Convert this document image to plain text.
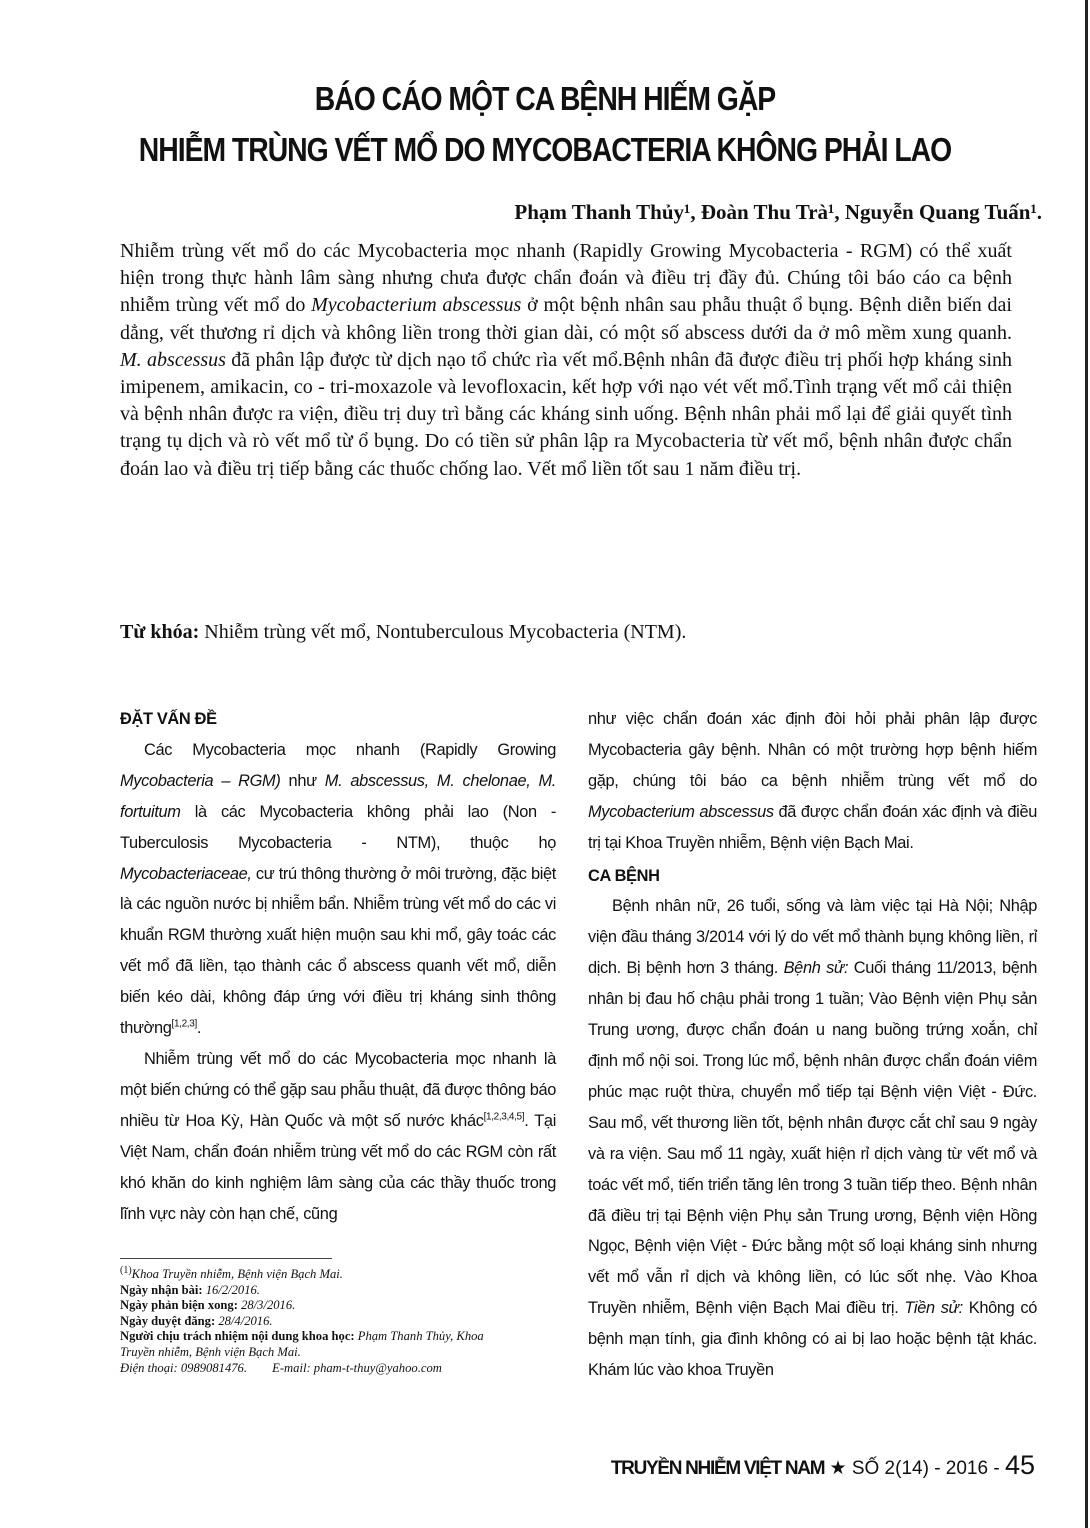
BÁO CÁO MỘT CA BỆNH HIẾM GẶP
NHIỄM TRÙNG VẾT MỔ DO MYCOBACTERIA KHÔNG PHẢI LAO
Phạm Thanh Thủy¹, Đoàn Thu Trà¹, Nguyễn Quang Tuấn¹.
Nhiễm trùng vết mổ do các Mycobacteria mọc nhanh (Rapidly Growing Mycobacteria - RGM) có thể xuất hiện trong thực hành lâm sàng nhưng chưa được chẩn đoán và điều trị đầy đủ. Chúng tôi báo cáo ca bệnh nhiễm trùng vết mổ do Mycobacterium abscessus ở một bệnh nhân sau phẫu thuật ổ bụng. Bệnh diễn biến dai dẳng, vết thương rỉ dịch và không liền trong thời gian dài, có một số abscess dưới da ở mô mềm xung quanh. M. abscessus đã phân lập được từ dịch nạo tổ chức rìa vết mổ.Bệnh nhân đã được điều trị phối hợp kháng sinh imipenem, amikacin, co - tri-moxazole và levofloxacin, kết hợp với nạo vét vết mổ.Tình trạng vết mổ cải thiện và bệnh nhân được ra viện, điều trị duy trì bằng các kháng sinh uống. Bệnh nhân phải mổ lại để giải quyết tình trạng tụ dịch và rò vết mổ từ ổ bụng. Do có tiền sử phân lập ra Mycobacteria từ vết mổ, bệnh nhân được chẩn đoán lao và điều trị tiếp bằng các thuốc chống lao. Vết mổ liền tốt sau 1 năm điều trị.
Từ khóa: Nhiễm trùng vết mổ, Nontuberculous Mycobacteria (NTM).
ĐẶT VẤN ĐỀ

Các Mycobacteria mọc nhanh (Rapidly Growing Mycobacteria – RGM) như M. abscessus, M. chelonae, M. fortuitum là các Mycobacteria không phải lao (Non - Tuberculosis Mycobacteria - NTM), thuộc họ Mycobacteriaceae, cư trú thông thường ở môi trường, đặc biệt là các nguồn nước bị nhiễm bẩn. Nhiễm trùng vết mổ do các vi khuẩn RGM thường xuất hiện muộn sau khi mổ, gây toác các vết mổ đã liền, tạo thành các ổ abscess quanh vết mổ, diễn biến kéo dài, không đáp ứng với điều trị kháng sinh thông thường[1,2,3].

Nhiễm trùng vết mổ do các Mycobacteria mọc nhanh là một biến chứng có thể gặp sau phẫu thuật, đã được thông báo nhiều từ Hoa Kỳ, Hàn Quốc và một số nước khác[1,2,3,4,5]. Tại Việt Nam, chẩn đoán nhiễm trùng vết mổ do các RGM còn rất khó khăn do kinh nghiệm lâm sàng của các thầy thuốc trong lĩnh vực này còn hạn chế, cũng

như việc chẩn đoán xác định đòi hỏi phải phân lập được Mycobacteria gây bệnh. Nhân có một trường hợp bệnh hiếm gặp, chúng tôi báo ca bệnh nhiễm trùng vết mổ do Mycobacterium abscessus đã được chẩn đoán xác định và điều trị tại Khoa Truyền nhiễm, Bệnh viện Bạch Mai.

CA BỆNH

Bệnh nhân nữ, 26 tuổi, sống và làm việc tại Hà Nội; Nhập viện đầu tháng 3/2014 với lý do vết mổ thành bụng không liền, rỉ dịch. Bị bệnh hơn 3 tháng. Bệnh sử: Cuối tháng 11/2013, bệnh nhân bị đau hố chậu phải trong 1 tuần; Vào Bệnh viện Phụ sản Trung ương, được chẩn đoán u nang buồng trứng xoắn, chỉ định mổ nội soi. Trong lúc mổ, bệnh nhân được chẩn đoán viêm phúc mạc ruột thừa, chuyển mổ tiếp tại Bệnh viện Việt - Đức. Sau mổ, vết thương liền tốt, bệnh nhân được cắt chỉ sau 9 ngày và ra viện. Sau mổ 11 ngày, xuất hiện rỉ dịch vàng từ vết mổ và toác vết mổ, tiến triển tăng lên trong 3 tuần tiếp theo. Bệnh nhân đã điều trị tại Bệnh viện Phụ sản Trung ương, Bệnh viện Hồng Ngọc, Bệnh viện Việt - Đức bằng một số loại kháng sinh nhưng vết mổ vẫn rỉ dịch và không liền, có lúc sốt nhẹ. Vào Khoa Truyền nhiễm, Bệnh viện Bạch Mai điều trị. Tiền sử: Không có bệnh mạn tính, gia đình không có ai bị lao hoặc bệnh tật khác. Khám lúc vào khoa Truyền

$^{(1)}$Khoa Truyền nhiễm, Bệnh viện Bạch Mai.
Ngày nhận bài: 16/2/2016.
Ngày phản biện xong: 28/3/2016.
Ngày duyệt đăng: 28/4/2016.
Người chịu trách nhiệm nội dung khoa học: Phạm Thanh Thủy, Khoa
Truyền nhiễm, Bệnh viện Bạch Mai.
Điện thoại: 0989081476.        E-mail: pham-t-thuy@yahoo.com
TRUYỀN NHIỄM VIỆT NAM ★ SỐ 2(14) - 2016 - 45
